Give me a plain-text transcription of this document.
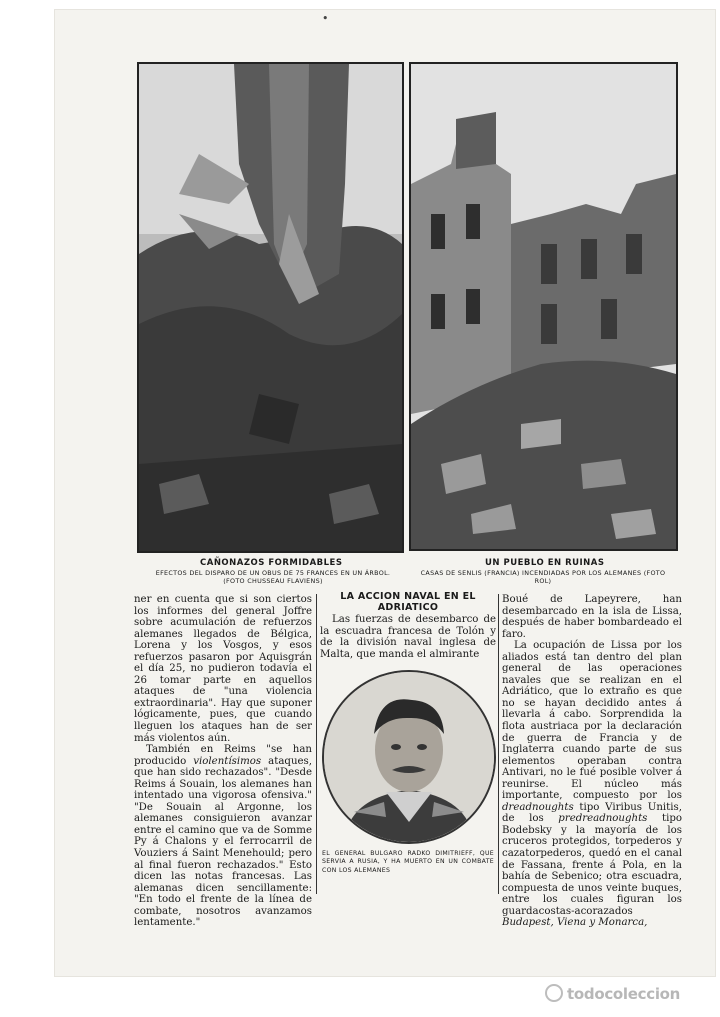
•
CAÑONAZOS FORMIDABLES
EFECTOS DEL DISPARO DE UN OBUS DE 75 FRANCES EN UN ÁRBOL. (FOTO CHUSSEAU FLAVIENS)
UN PUEBLO EN RUINAS
CASAS DE SENLIS (FRANCIA) INCENDIADAS POR LOS ALEMANES (FOTO ROL)

ner en cuenta que si son ciertos los informes del general Joffre sobre acumulación de refuerzos alemanes llegados de Bélgica, Lorena y los Vosgos, y esos refuerzos pasaron por Aquisgrán el día 25, no pudieron todavía el 26 tomar parte en aquellos ataques de "una violencia extraordinaria". Hay que suponer lógicamente, pues, que cuando lleguen los ataques han de ser más violentos aún.

También en Reims "se han producido violentísimos ataques, que han sido rechazados". "Desde Reims á Souain, los alemanes han intentado una vigorosa ofensiva." "De Souain al Argonne, los alemanes consiguieron avanzar entre el camino que va de Somme Py á Chalons y el ferrocarril de Vouziers á Saint Menehould; pero al final fueron rechazados." Esto dicen las notas francesas. Las alemanas dicen sencillamente: "En todo el frente de la línea de combate, nosotros avanzamos lentamente."

LA ACCION NAVAL EN EL
ADRIATICO

Las fuerzas de desembarco de la escuadra francesa de Tolón y de la división naval inglesa de Malta, que manda el almirante

EL GENERAL BULGARO RADKO DIMITRIEFF, QUE SERVIA A RUSIA, Y HA MUERTO EN UN COMBATE CON LOS ALEMANES

Boué de Lapeyrere, han desembarcado en la isla de Lissa, después de haber bombardeado el faro.

La ocupación de Lissa por los aliados está tan dentro del plan general de las operaciones navales que se realizan en el Adriático, que lo extraño es que no se hayan decidido antes á llevarla á cabo. Sorprendida la flota austriaca por la declaración de guerra de Francia y de Inglaterra cuando parte de sus elementos operaban contra Antivari, no le fué posible volver á reunirse. El núcleo más importante, compuesto por los dreadnoughts tipo Viribus Unitis, de los predreadnoughts tipo Bodebsky y la mayoría de los cruceros protegidos, torpederos y cazatorpederos, quedó en el canal de Fassana, frente á Pola, en la bahía de Sebenico; otra escuadra, compuesta de unos veinte buques, entre los cuales figuran los guardacostas-acorazados Budapest, Viena y Monarca,

todocoleccion
